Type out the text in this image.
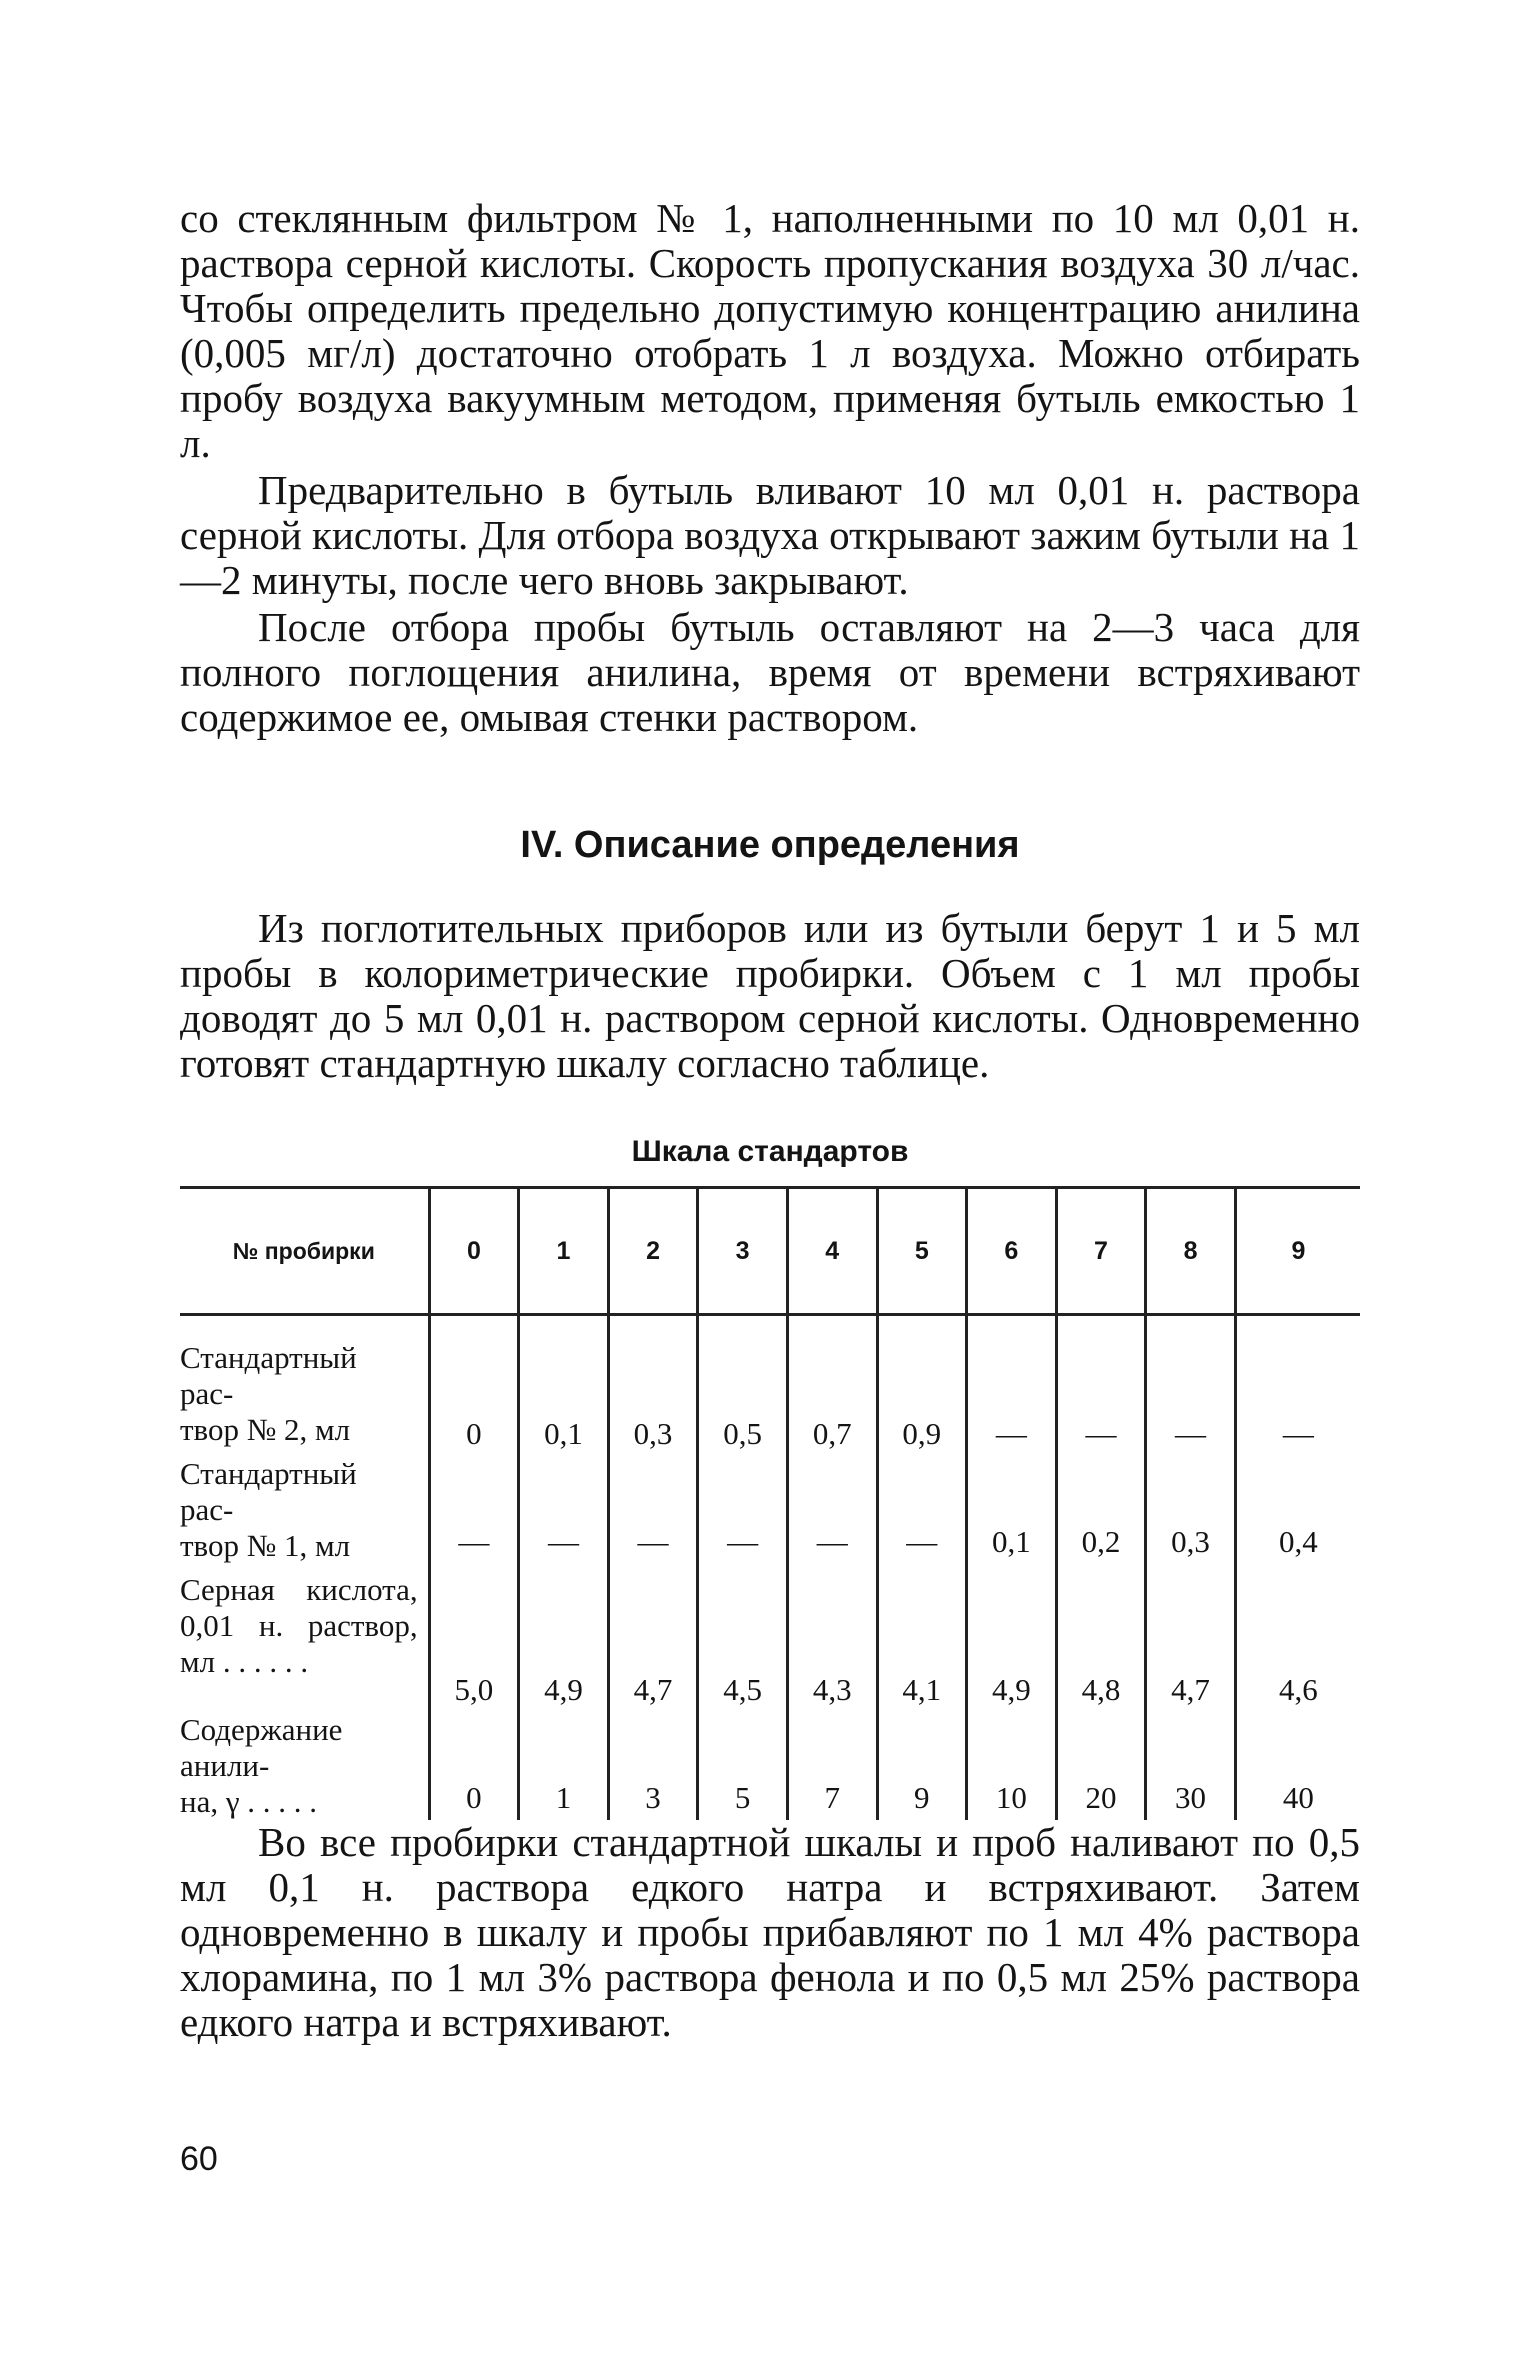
со стеклянным фильтром № 1, наполненными по 10 мл 0,01 н. раствора серной кислоты. Скорость пропускания воздуха 30 л/час. Чтобы определить предельно допустимую концентрацию анилина (0,005 мг/л) достаточно отобрать 1 л воздуха. Можно отбирать пробу воздуха вакуумным методом, применяя бутыль емкостью 1 л.

Предварительно в бутыль вливают 10 мл 0,01 н. раствора серной кислоты. Для отбора воздуха открывают зажим бутыли на 1—2 минуты, после чего вновь закрывают.

После отбора пробы бутыль оставляют на 2—3 часа для полного поглощения анилина, время от времени встряхивают содержимое ее, омывая стенки раствором.

IV. Описание определения

Из поглотительных приборов или из бутыли берут 1 и 5 мл пробы в колориметрические пробирки. Объем с 1 мл пробы доводят до 5 мл 0,01 н. раствором серной кислоты. Одновременно готовят стандартную шкалу согласно таблице.

Шкала стандартов
№ пробирки	0	1	2	3	4	5	6	7	8	9

Стандартный рас-
твор № 2, мл	0	0,1	0,3	0,5	0,7	0,9	—	—	—	—

Стандартный рас-
твор № 1, мл	—	—	—	—	—	—	0,1	0,2	0,3	0,4

Серная кислота,
0,01 н. раствор,
мл . . . . . .	5,0	4,9	4,7	4,5	4,3	4,1	4,9	4,8	4,7	4,6

Содержание анили-
на, γ . . . . .	0	1	3	5	7	9	10	20	30	40

Во все пробирки стандартной шкалы и проб наливают по 0,5 мл 0,1 н. раствора едкого натра и встряхивают. Затем одновременно в шкалу и пробы прибавляют по 1 мл 4% раствора хлорамина, по 1 мл 3% раствора фенола и по 0,5 мл 25% раствора едкого натра и встряхивают.

60
